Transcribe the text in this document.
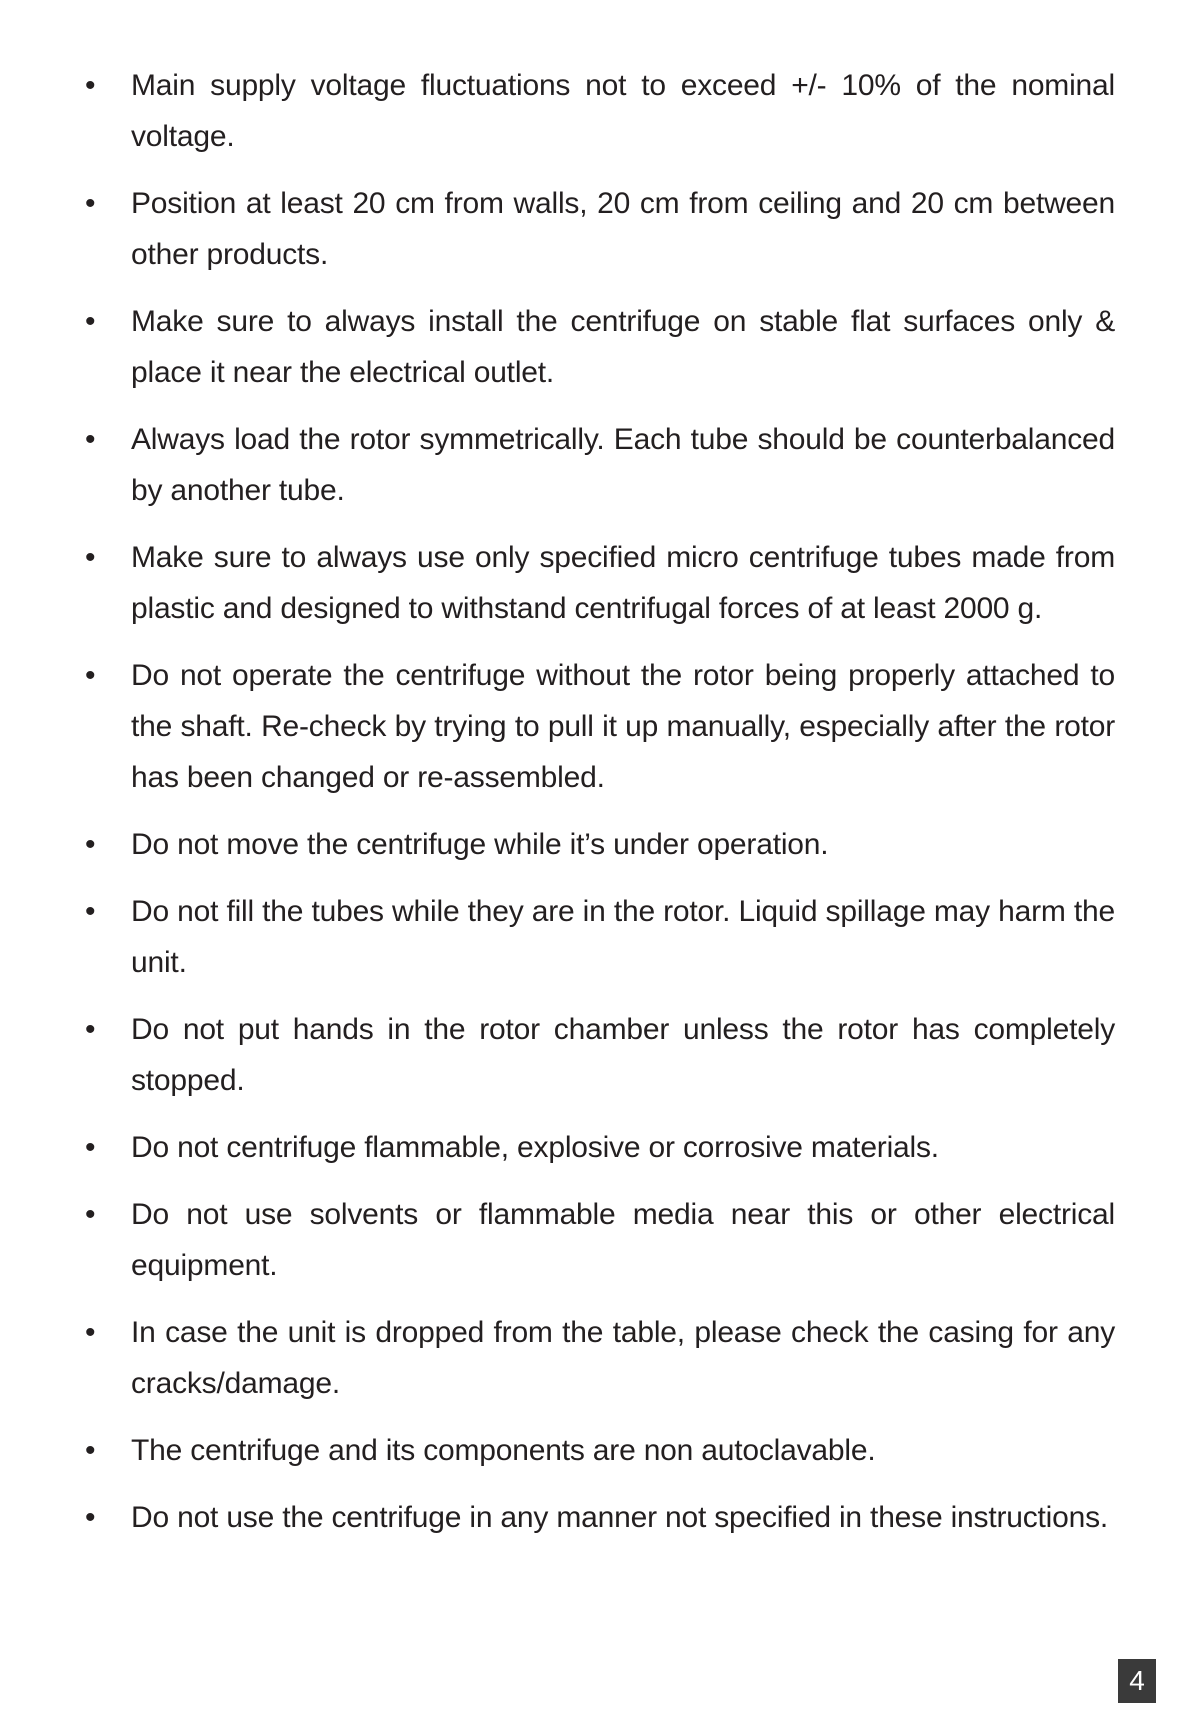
•	Main supply voltage fluctuations not to exceed +/- 10% of the nominal voltage.
•	Position at least 20 cm from walls, 20 cm from ceiling and 20 cm between other products.
•	Make sure to always install the centrifuge on stable flat surfaces only & place it near the electrical outlet.
•	Always load the rotor symmetrically. Each tube should be counterbalanced by another tube.
•	Make sure to always use only specified micro centrifuge tubes made from plastic and designed to withstand centrifugal forces of at least 2000 g.
•	Do not operate the centrifuge without the rotor being properly attached to the shaft. Re-check by trying to pull it up manually, especially after the rotor has been changed or re-assembled.
•	Do not move the centrifuge while it’s under operation.
•	Do not fill the tubes while they are in the rotor. Liquid spillage may harm the unit.
•	Do not put hands in the rotor chamber unless the rotor has completely stopped.
•	Do not centrifuge flammable, explosive or corrosive materials.
•	Do not use solvents or flammable media near this or other electrical equipment.
•	In case the unit is dropped from the table, please check the casing for any cracks/damage.
•	The centrifuge and its components are non autoclavable.
•	Do not use the centrifuge in any manner not specified in these instructions.
4
